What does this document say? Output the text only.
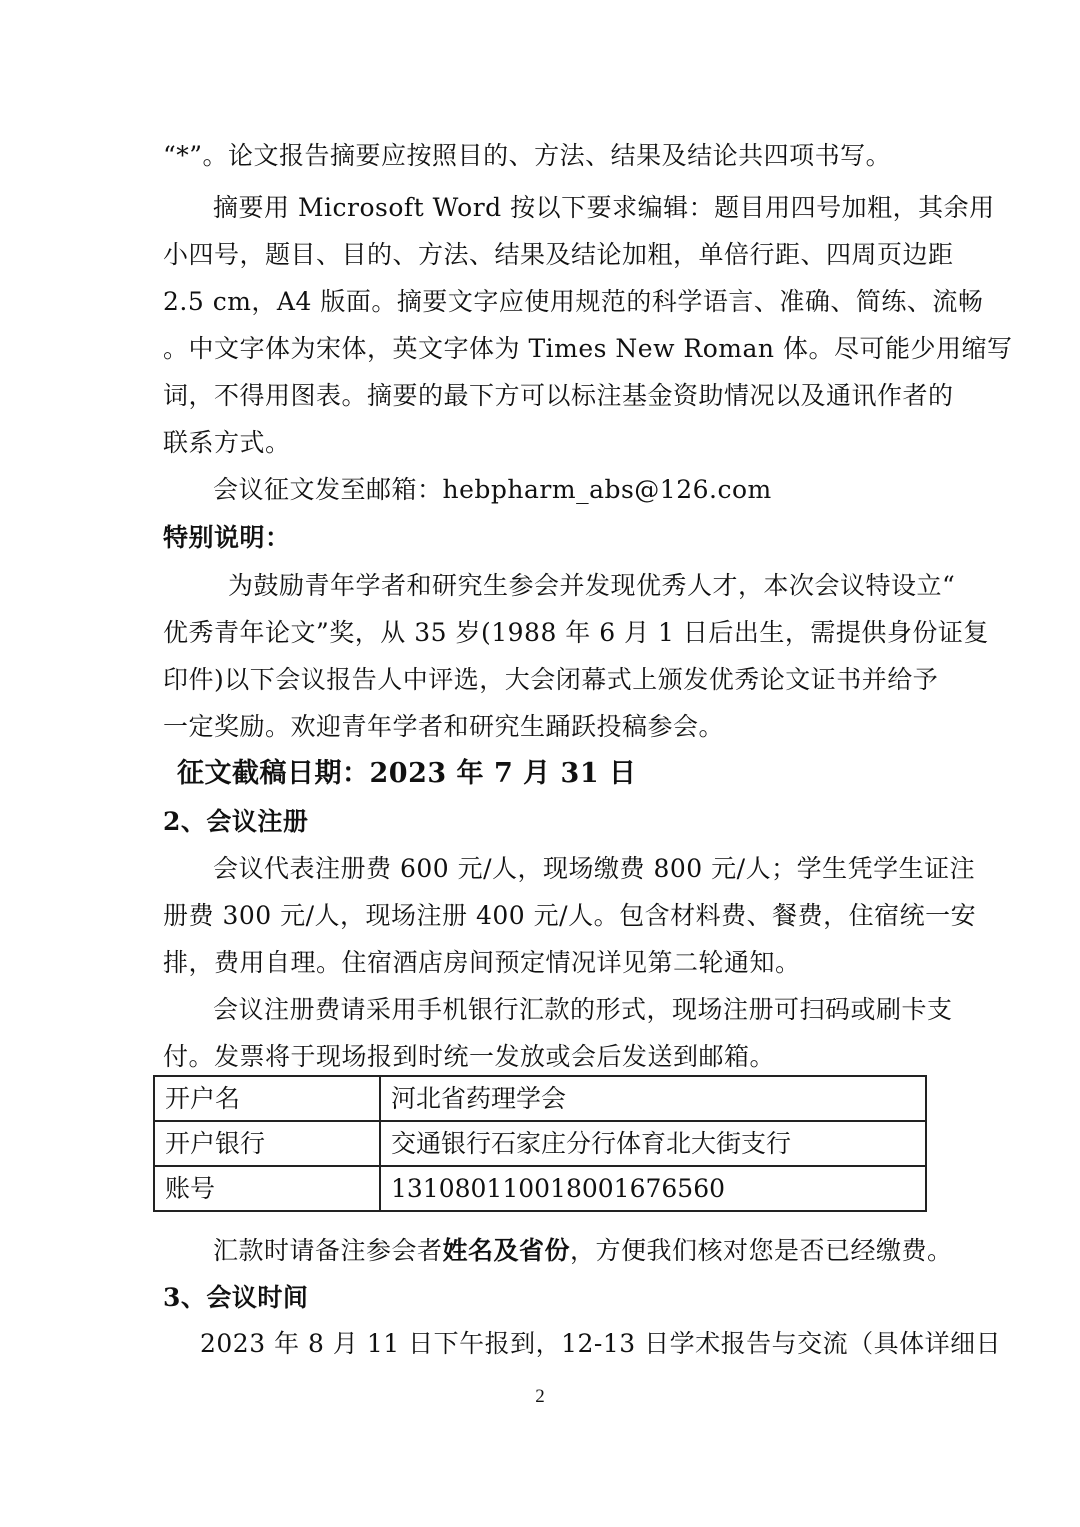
“*”。论文报告摘要应按照目的、方法、结果及结论共四项书写。
摘要用 Microsoft Word 按以下要求编辑：题目用四号加粗，其余用
小四号，题目、目的、方法、结果及结论加粗，单倍行距、四周页边距
2.5 cm，A4 版面。摘要文字应使用规范的科学语言、准确、简练、流畅
。中文字体为宋体，英文字体为 Times New Roman 体。尽可能少用缩写
词，不得用图表。摘要的最下方可以标注基金资助情况以及通讯作者的
联系方式。
会议征文发至邮箱：hebpharm_abs@126.com
特别说明：
为鼓励青年学者和研究生参会并发现优秀人才，本次会议特设立“
优秀青年论文”奖，从 35 岁(1988 年 6 月 1 日后出生，需提供身份证复
印件)以下会议报告人中评选，大会闭幕式上颁发优秀论文证书并给予
一定奖励。欢迎青年学者和研究生踊跃投稿参会。
征文截稿日期：2023 年 7 月 31 日
2、会议注册
会议代表注册费 600 元/人，现场缴费 800 元/人；学生凭学生证注
册费 300 元/人，现场注册 400 元/人。包含材料费、餐费，住宿统一安
排，费用自理。住宿酒店房间预定情况详见第二轮通知。
会议注册费请采用手机银行汇款的形式，现场注册可扫码或刷卡支
付。发票将于现场报到时统一发放或会后发送到邮箱。
开户名	河北省药理学会
开户银行	交通银行石家庄分行体育北大街支行
账号	131080110018001676560
汇款时请备注参会者姓名及省份，方便我们核对您是否已经缴费。
3、会议时间
2023 年 8 月 11 日下午报到，12-13 日学术报告与交流（具体详细日
2
